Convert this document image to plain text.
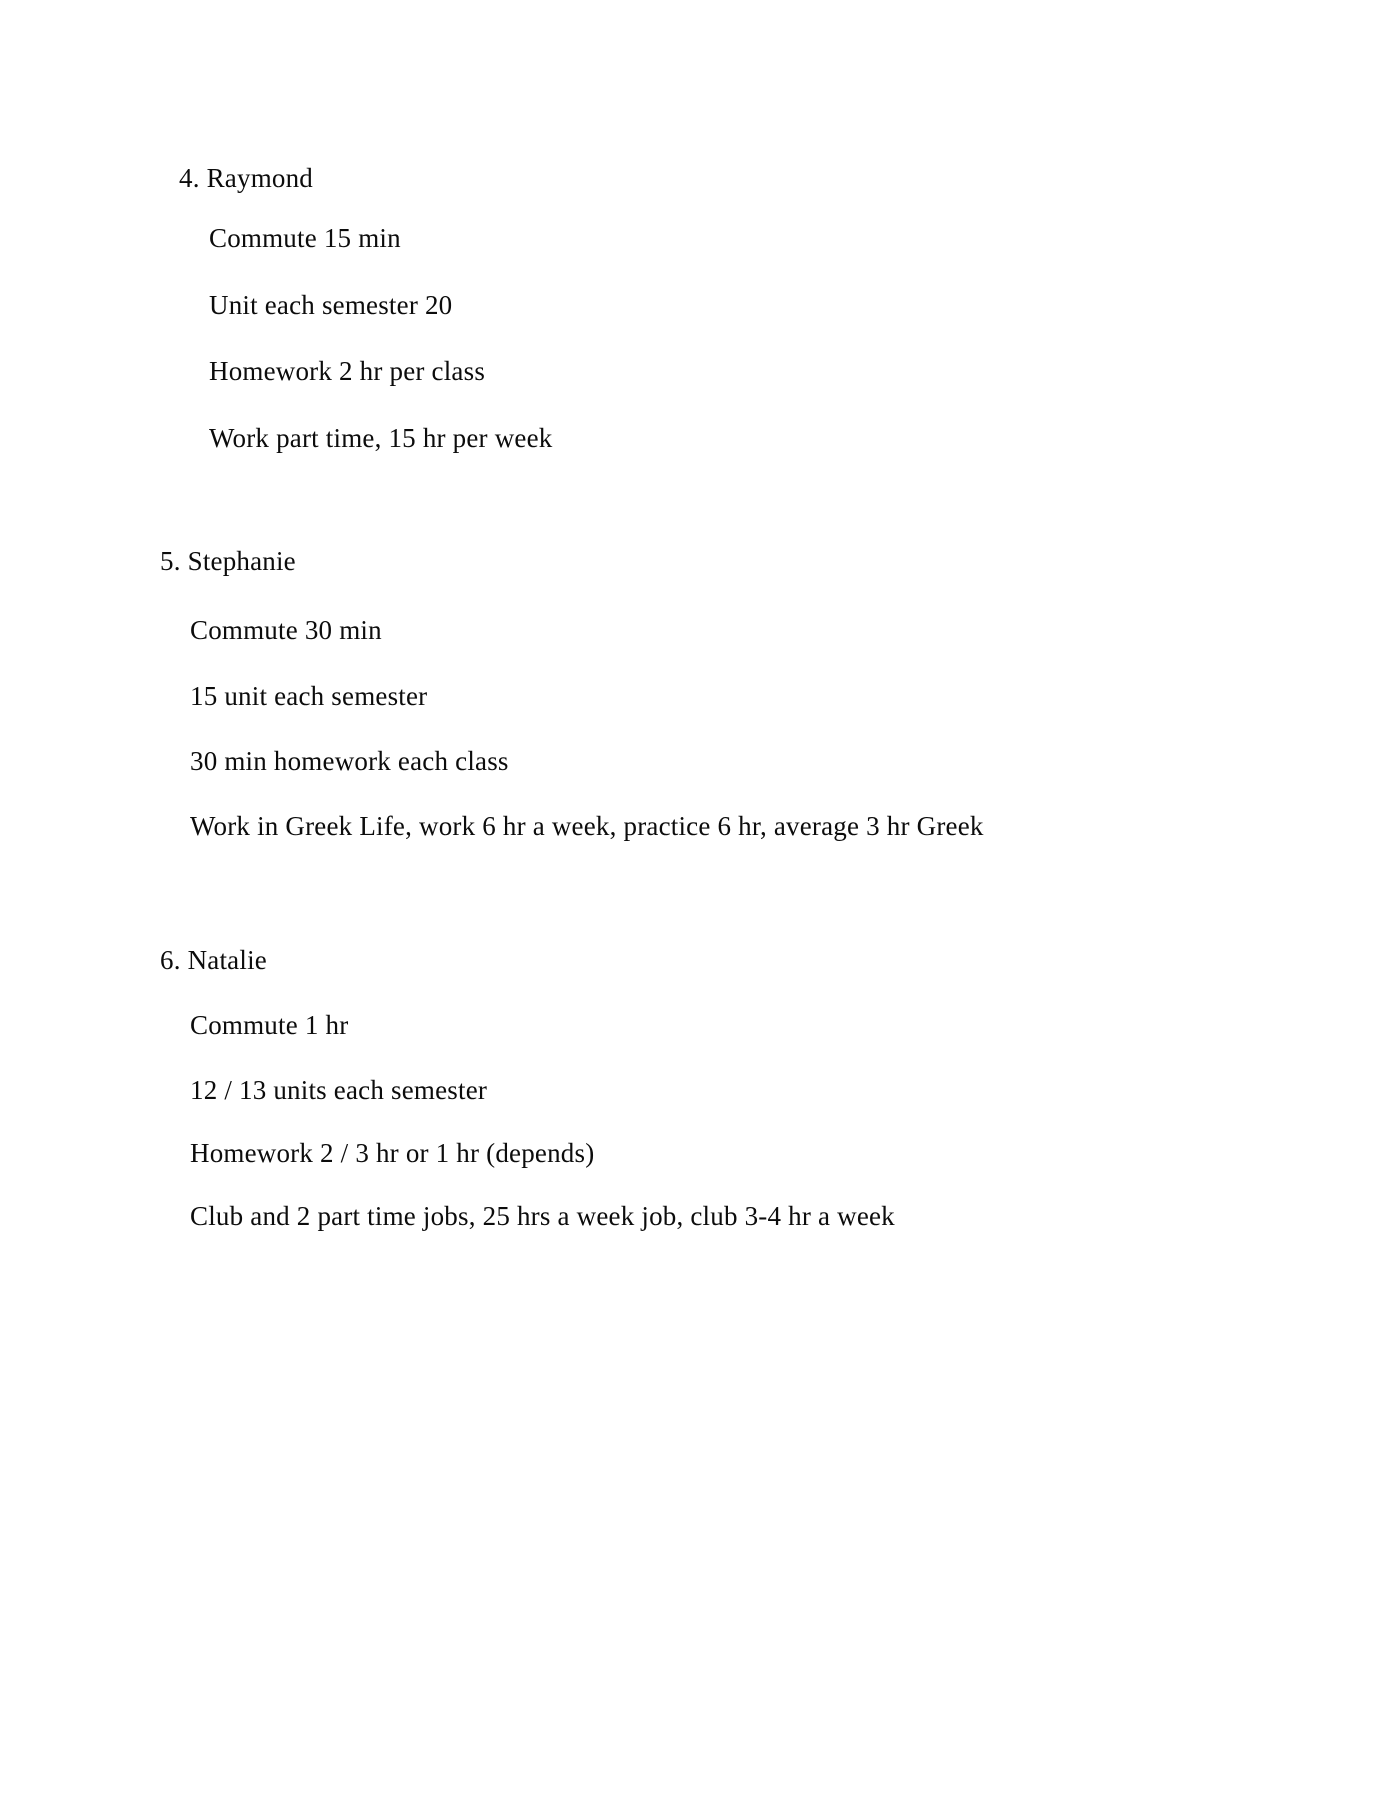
4. Raymond
Commute 15 min
Unit each semester 20
Homework 2 hr per class
Work part time, 15 hr per week
5. Stephanie
Commute 30 min
15 unit each semester
30 min homework each class
Work in Greek Life, work 6 hr a week, practice 6 hr, average 3 hr Greek
6. Natalie
Commute 1 hr
12 / 13 units each semester
Homework 2 / 3 hr or 1 hr (depends)
Club and 2 part time jobs, 25 hrs a week job, club 3-4 hr a week
